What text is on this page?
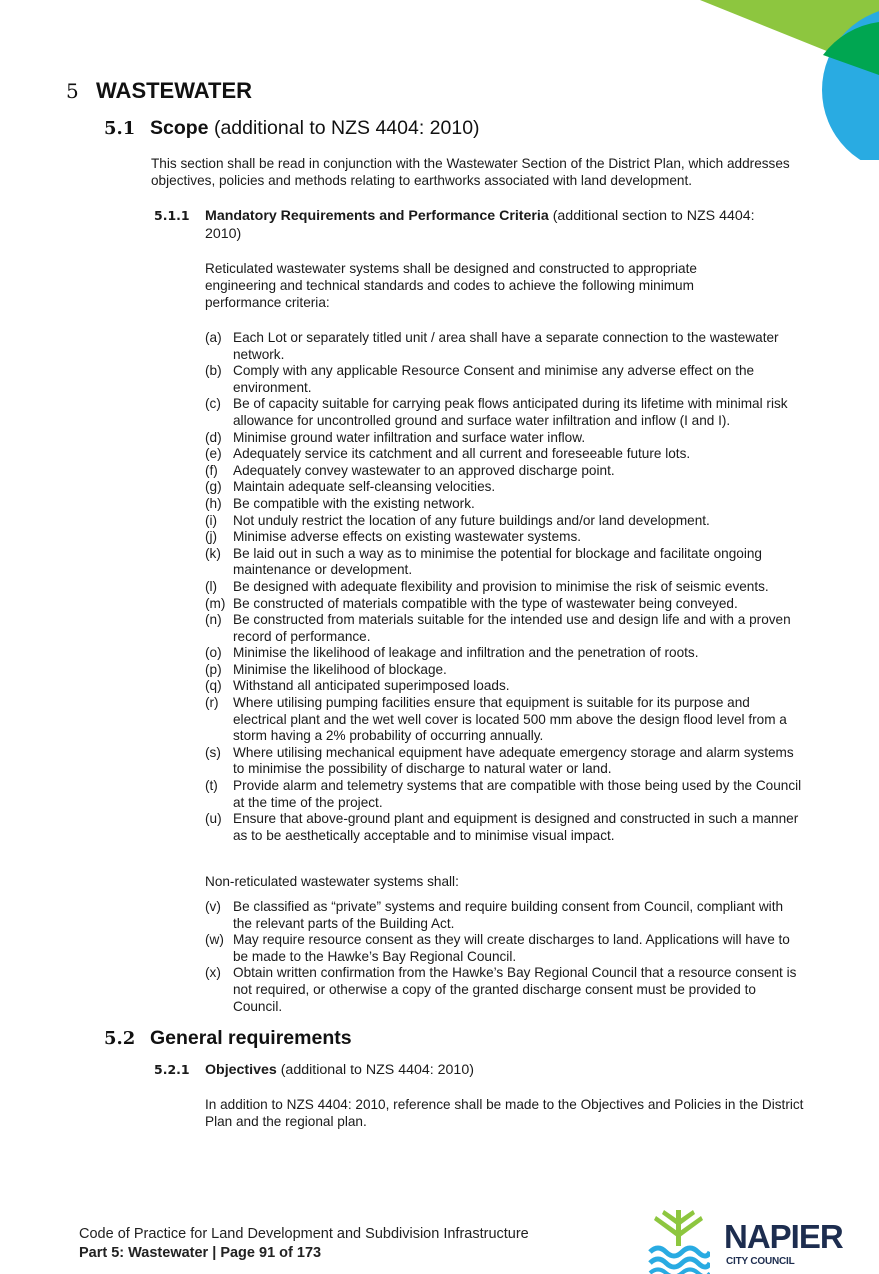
5 WASTEWATER
5.1 Scope (additional to NZS 4404: 2010)
This section shall be read in conjunction with the Wastewater Section of the District Plan, which addresses objectives, policies and methods relating to earthworks associated with land development.
5.1.1 Mandatory Requirements and Performance Criteria (additional section to NZS 4404: 2010)
Reticulated wastewater systems shall be designed and constructed to appropriate engineering and technical standards and codes to achieve the following minimum performance criteria:
(a) Each Lot or separately titled unit / area shall have a separate connection to the wastewater network.
(b) Comply with any applicable Resource Consent and minimise any adverse effect on the environment.
(c) Be of capacity suitable for carrying peak flows anticipated during its lifetime with minimal risk allowance for uncontrolled ground and surface water infiltration and inflow (I and I).
(d) Minimise ground water infiltration and surface water inflow.
(e) Adequately service its catchment and all current and foreseeable future lots.
(f) Adequately convey wastewater to an approved discharge point.
(g) Maintain adequate self-cleansing velocities.
(h) Be compatible with the existing network.
(i) Not unduly restrict the location of any future buildings and/or land development.
(j) Minimise adverse effects on existing wastewater systems.
(k) Be laid out in such a way as to minimise the potential for blockage and facilitate ongoing maintenance or development.
(l) Be designed with adequate flexibility and provision to minimise the risk of seismic events.
(m) Be constructed of materials compatible with the type of wastewater being conveyed.
(n) Be constructed from materials suitable for the intended use and design life and with a proven record of performance.
(o) Minimise the likelihood of leakage and infiltration and the penetration of roots.
(p) Minimise the likelihood of blockage.
(q) Withstand all anticipated superimposed loads.
(r) Where utilising pumping facilities ensure that equipment is suitable for its purpose and electrical plant and the wet well cover is located 500 mm above the design flood level from a storm having a 2% probability of occurring annually.
(s) Where utilising mechanical equipment have adequate emergency storage and alarm systems to minimise the possibility of discharge to natural water or land.
(t) Provide alarm and telemetry systems that are compatible with those being used by the Council at the time of the project.
(u) Ensure that above-ground plant and equipment is designed and constructed in such a manner as to be aesthetically acceptable and to minimise visual impact.
Non-reticulated wastewater systems shall:
(v) Be classified as “private” systems and require building consent from Council, compliant with the relevant parts of the Building Act.
(w) May require resource consent as they will create discharges to land. Applications will have to be made to the Hawke’s Bay Regional Council.
(x) Obtain written confirmation from the Hawke’s Bay Regional Council that a resource consent is not required, or otherwise a copy of the granted discharge consent must be provided to Council.
5.2 General requirements
5.2.1 Objectives (additional to NZS 4404: 2010)
In addition to NZS 4404: 2010, reference shall be made to the Objectives and Policies in the District Plan and the regional plan.
Code of Practice for Land Development and Subdivision Infrastructure
Part 5: Wastewater | Page 91 of 173	NAPIER
CITY COUNCIL
